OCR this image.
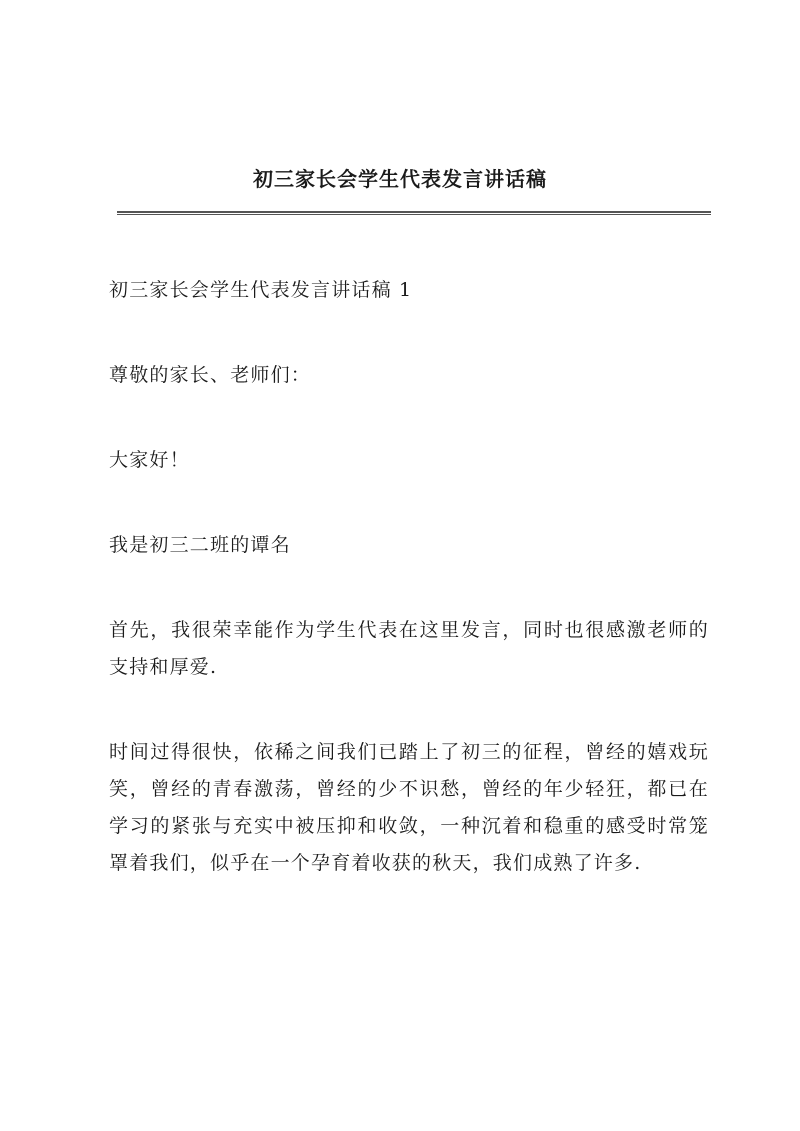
初三家长会学生代表发言讲话稿

初三家长会学生代表发言讲话稿 1

尊敬的家长、老师们：

大家好！

我是初三二班的谭名

首先，我很荣幸能作为学生代表在这里发言，同时也很感激老师的支持和厚爱.

时间过得很快，依稀之间我们已踏上了初三的征程，曾经的嬉戏玩笑，曾经的青春激荡，曾经的少不识愁，曾经的年少轻狂，都已在学习的紧张与充实中被压抑和收敛，一种沉着和稳重的感受时常笼罩着我们，似乎在一个孕育着收获的秋天，我们成熟了许多.
